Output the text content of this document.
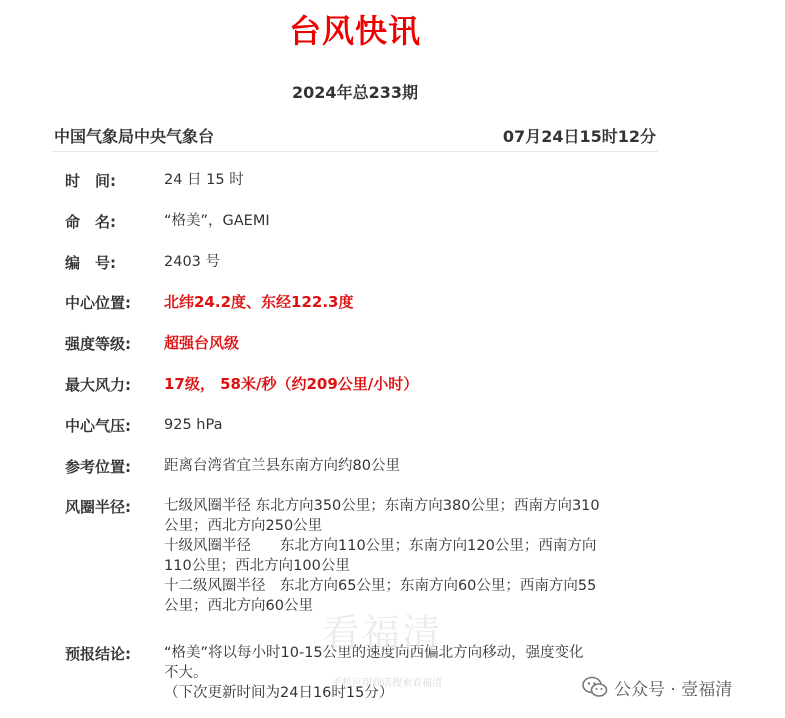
台风快讯
2024年总233期
中国气象局中央气象台	07月24日15时12分
时　间:	24 日 15 时
命　名:	“格美”，GAEMI
编　号:	2403 号
中心位置: 北纬24.2度、东经122.3度
强度等级: 超强台风级
最大风力: 17级， 58米/秒（约209公里/小时）
中心气压: 925 hPa
参考位置: 距离台湾省宜兰县东南方向约80公里
风圈半径: 七级风圈半径 东北方向350公里；东南方向380公里；西南方向310
公里；西北方向250公里
十级风圈半径　　东北方向110公里；东南方向120公里；西南方向
110公里；西北方向100公里
十二级风圈半径　东北方向65公里；东南方向60公里；西南方向55
公里；西北方向60公里
预报结论: “格美”将以每小时10-15公里的速度向西偏北方向移动，强度变化
不大。
（下次更新时间为24日16时15分）
看福清
手机应用商店搜索看福清	公众号 · 壹福清
